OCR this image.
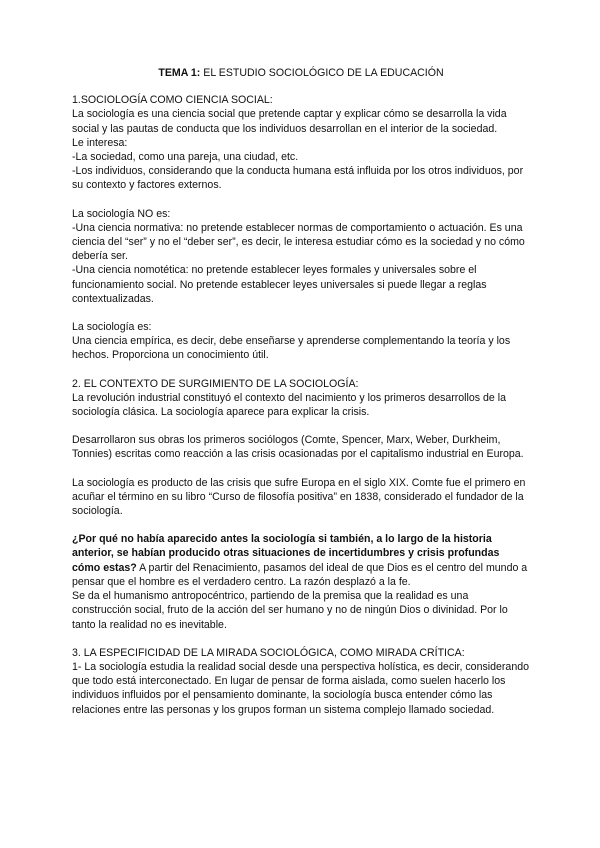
TEMA 1: EL ESTUDIO SOCIOLÓGICO DE LA EDUCACIÓN

1.SOCIOLOGÍA COMO CIENCIA SOCIAL:

La sociología es una ciencia social que pretende captar y explicar cómo se desarrolla la vida social y las pautas de conducta que los individuos desarrollan en el interior de la sociedad.

Le interesa:

-La sociedad, como una pareja, una ciudad, etc.

-Los individuos, considerando que la conducta humana está influida por los otros individuos, por su contexto y factores externos.

La sociología NO es:

-Una ciencia normativa: no pretende establecer normas de comportamiento o actuación. Es una ciencia del “ser” y no el “deber ser”, es decir, le interesa estudiar cómo es la sociedad y no cómo debería ser.

-Una ciencia nomotética: no pretende establecer leyes formales y universales sobre el funcionamiento social. No pretende establecer leyes universales si puede llegar a reglas contextualizadas.

La sociología es:

Una ciencia empírica, es decir, debe enseñarse y aprenderse complementando la teoría y los hechos. Proporciona un conocimiento útil.

2. EL CONTEXTO DE SURGIMIENTO DE LA SOCIOLOGÍA:

La revolución industrial constituyó el contexto del nacimiento y los primeros desarrollos de la sociología clásica. La sociología aparece para explicar la crisis.

Desarrollaron sus obras los primeros sociólogos (Comte, Spencer, Marx, Weber, Durkheim, Tonnies) escritas como reacción a las crisis ocasionadas por el capitalismo industrial en Europa.

La sociología es producto de las crisis que sufre Europa en el siglo XIX. Comte fue el primero en acuñar el término en su libro “Curso de filosofía positiva” en 1838, considerado el fundador de la sociología.

¿Por qué no había aparecido antes la sociología si también, a lo largo de la historia anterior, se habían producido otras situaciones de incertidumbres y crisis profundas cómo estas? A partir del Renacimiento, pasamos del ideal de que Dios es el centro del mundo a pensar que el hombre es el verdadero centro. La razón desplazó a la fe.

Se da el humanismo antropocéntrico, partiendo de la premisa que la realidad es una construcción social, fruto de la acción del ser humano y no de ningún Dios o divinidad. Por lo tanto la realidad no es inevitable.

3. LA ESPECIFICIDAD DE LA MIRADA SOCIOLÓGICA, COMO MIRADA CRÍTICA:

1- La sociología estudia la realidad social desde una perspectiva holística, es decir, considerando que todo está interconectado. En lugar de pensar de forma aislada, como suelen hacerlo los individuos influidos por el pensamiento dominante, la sociología busca entender cómo las relaciones entre las personas y los grupos forman un sistema complejo llamado sociedad.
